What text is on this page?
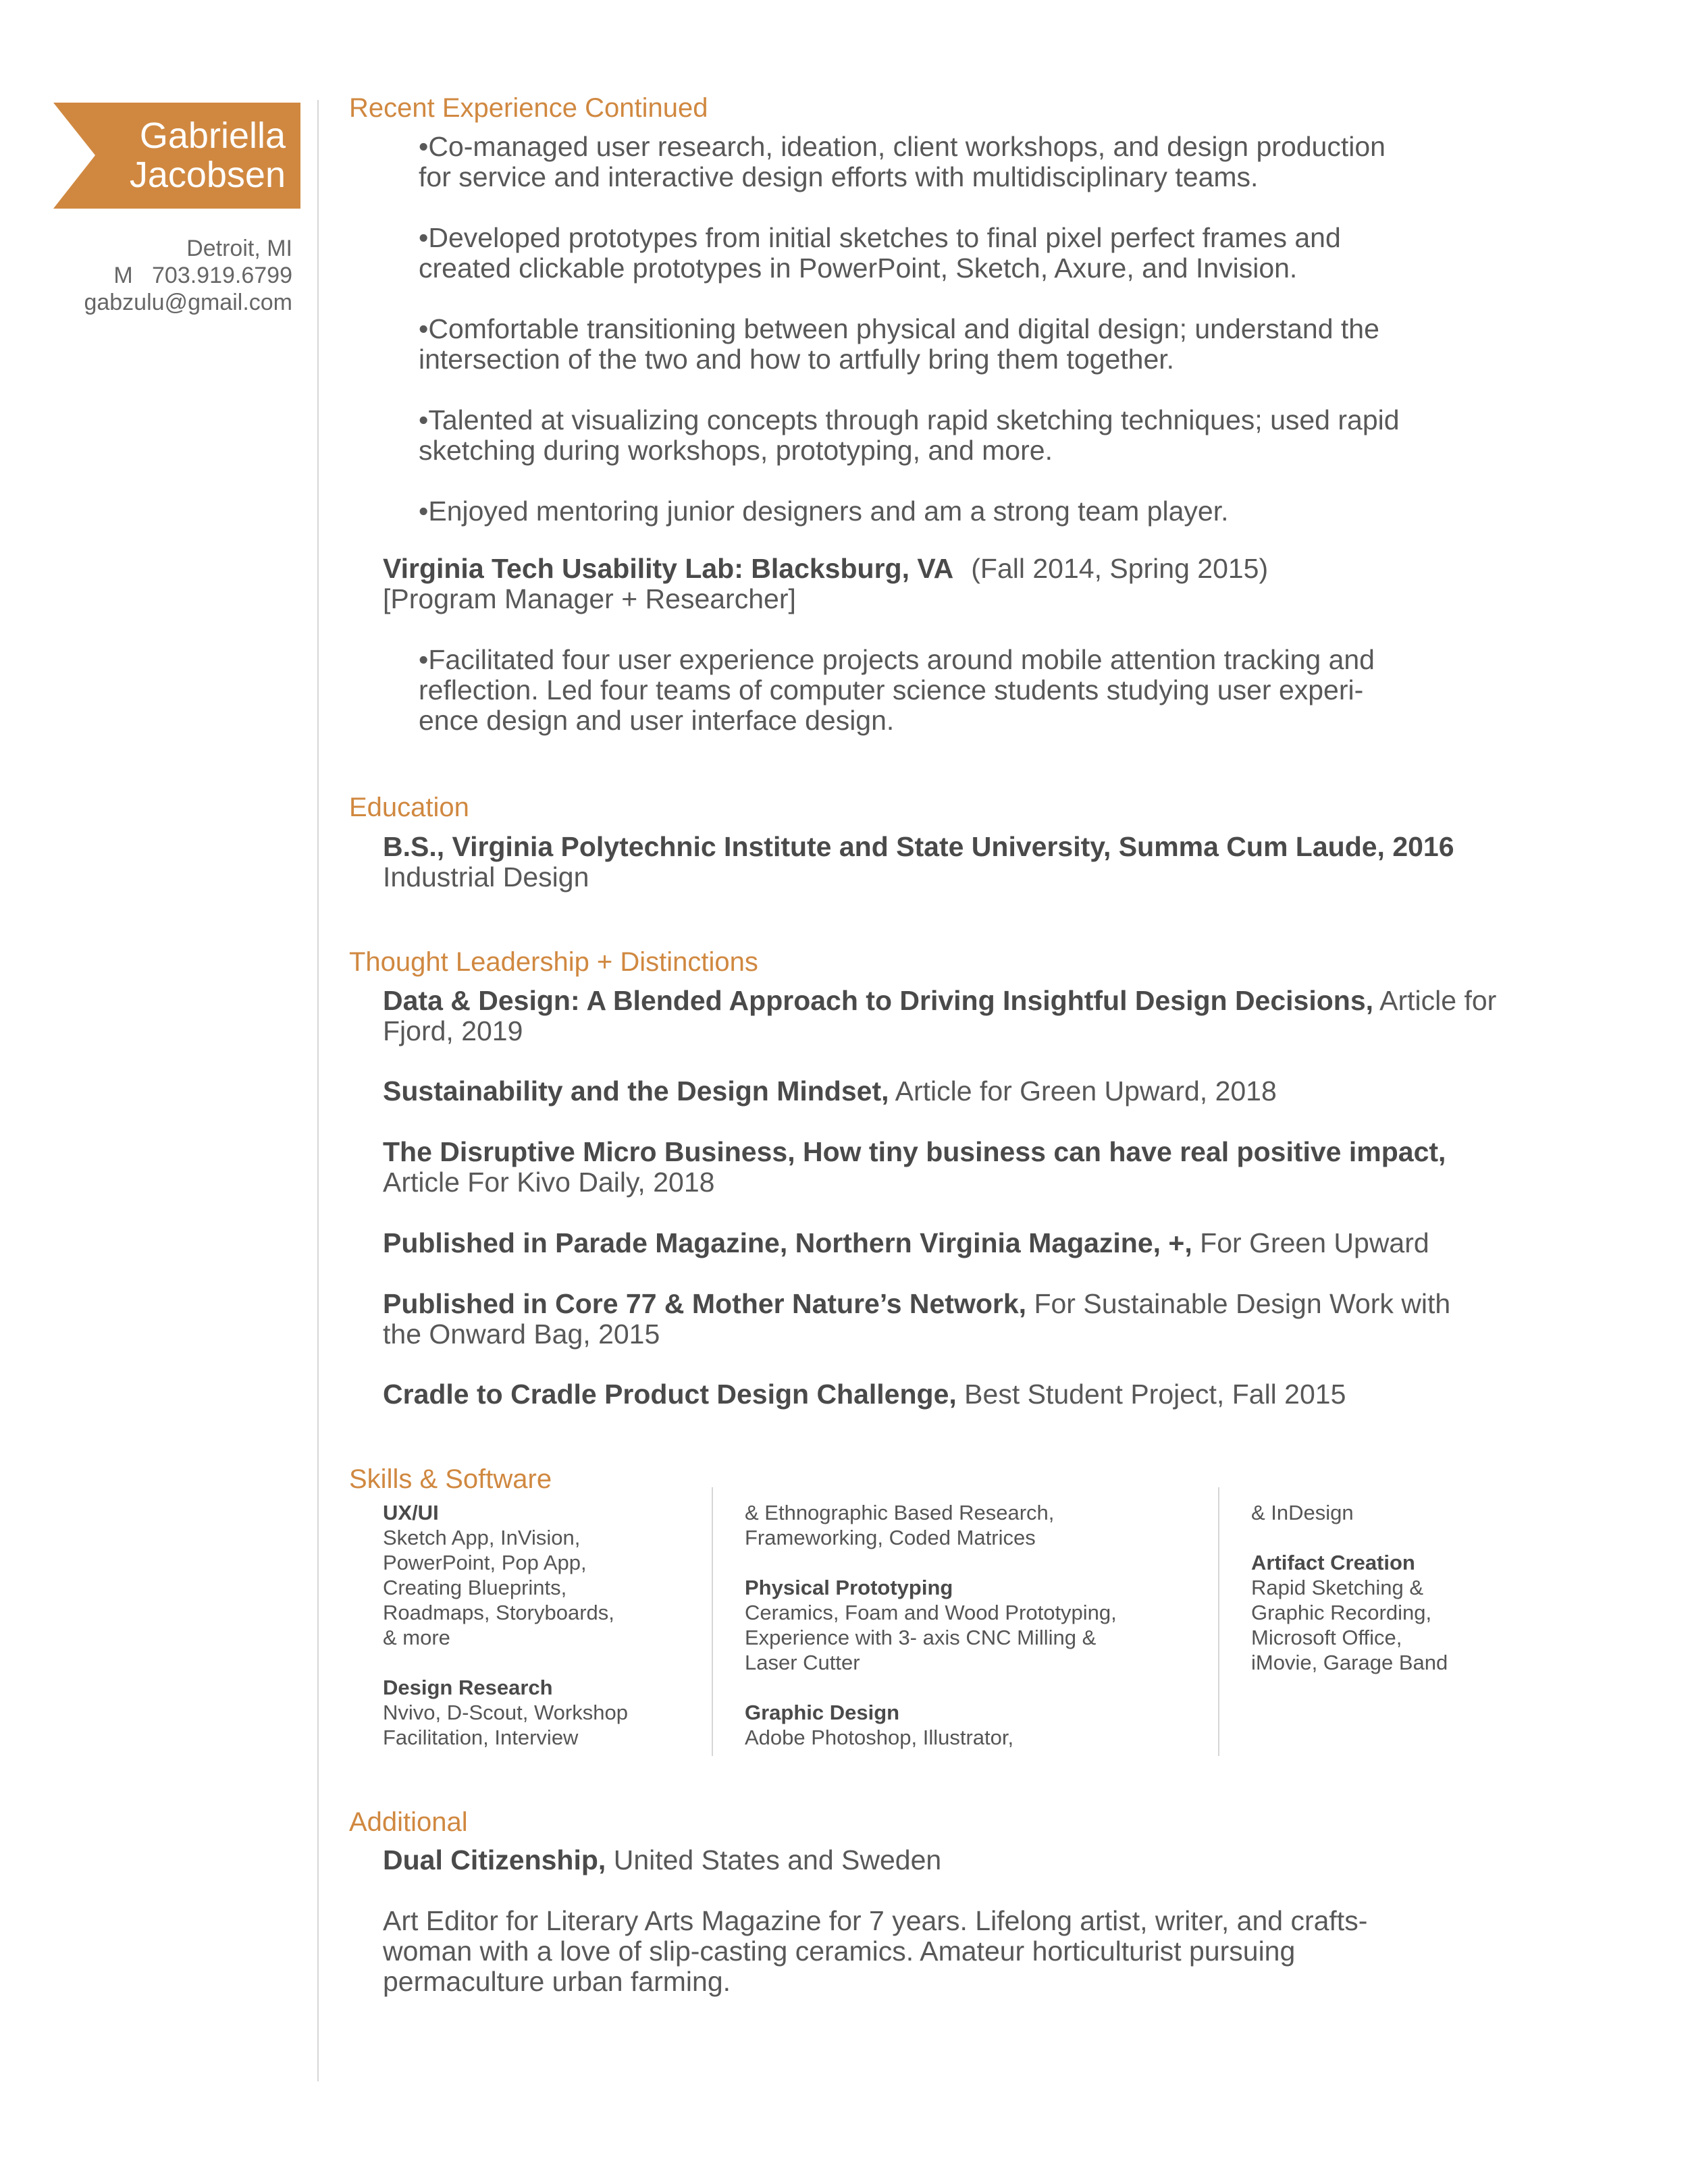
Gabriella
Jacobsen
Detroit, MI
M   703.919.6799
gabzulu@gmail.com
Recent Experience Continued
•Co-managed user research, ideation, client workshops, and design production
for service and interactive design efforts with multidisciplinary teams.
•Developed prototypes from initial sketches to final pixel perfect frames and
created clickable prototypes in PowerPoint, Sketch, Axure, and Invision.
•Comfortable transitioning between physical and digital design; understand the
intersection of the two and how to artfully bring them together.
•Talented at visualizing concepts through rapid sketching techniques; used rapid
sketching during workshops, prototyping, and more.
•Enjoyed mentoring junior designers and am a strong team player.
Virginia Tech Usability Lab: Blacksburg, VA (Fall 2014, Spring 2015)
[Program Manager + Researcher]
•Facilitated four user experience projects around mobile attention tracking and
reflection. Led four teams of computer science students studying user experi-
ence design and user interface design.
Education
B.S., Virginia Polytechnic Institute and State University, Summa Cum Laude, 2016
Industrial Design
Thought Leadership + Distinctions
Data & Design: A Blended Approach to Driving Insightful Design Decisions, Article for
Fjord, 2019
Sustainability and the Design Mindset, Article for Green Upward, 2018
The Disruptive Micro Business, How tiny business can have real positive impact,
Article For Kivo Daily, 2018
Published in Parade Magazine, Northern Virginia Magazine, +, For Green Upward
Published in Core 77 & Mother Nature’s Network, For Sustainable Design Work with
the Onward Bag, 2015
Cradle to Cradle Product Design Challenge, Best Student Project, Fall 2015
Skills & Software
UX/UI
Sketch App, InVision,
PowerPoint, Pop App,
Creating Blueprints,
Roadmaps, Storyboards,
& more
Design Research
Nvivo, D-Scout, Workshop
Facilitation, Interview
& Ethnographic Based Research,
Frameworking, Coded Matrices
Physical Prototyping
Ceramics, Foam and Wood Prototyping,
Experience with 3- axis CNC Milling &
Laser Cutter
Graphic Design
Adobe Photoshop, Illustrator,
& InDesign
Artifact Creation
Rapid Sketching &
Graphic Recording,
Microsoft Office,
iMovie, Garage Band
Additional
Dual Citizenship, United States and Sweden
Art Editor for Literary Arts Magazine for 7 years. Lifelong artist, writer, and crafts-
woman with a love of slip-casting ceramics. Amateur horticulturist pursuing
permaculture urban farming.
